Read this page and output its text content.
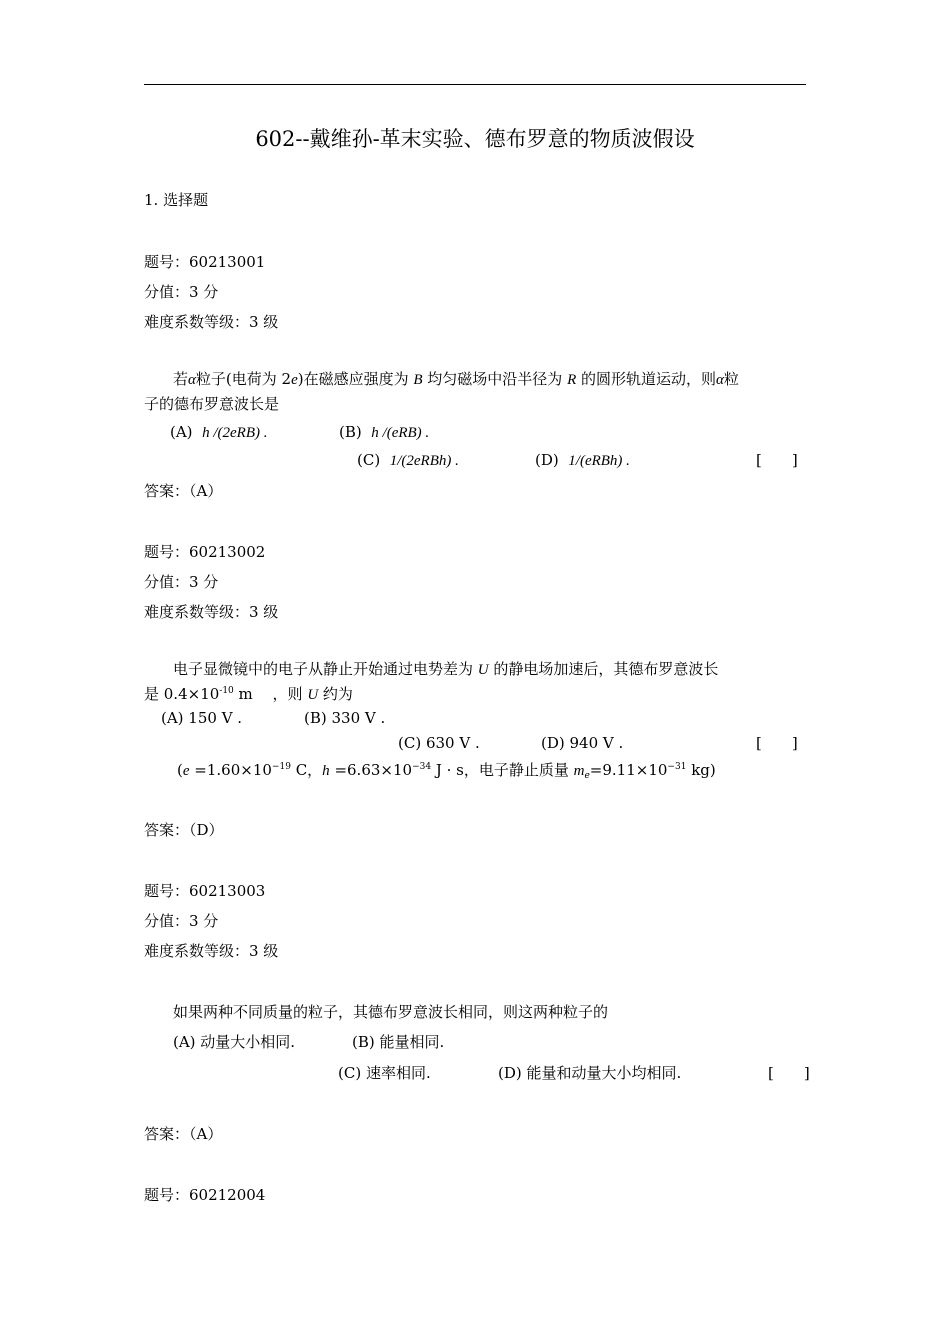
602--戴维孙-革末实验、德布罗意的物质波假设
1. 选择题
题号：60213001
分值：3 分
难度系数等级：3 级
若α粒子(电荷为 2e)在磁感应强度为 B 均匀磁场中沿半径为 R 的圆形轨道运动，则α粒
子的德布罗意波长是
(A) h /(2eRB) .	(B) h /(eRB) .
(C) 1/(2eRBh) .	(D) 1/(eRBh) .	[　　]
答案：（A）
题号：60213002
分值：3 分
难度系数等级：3 级
电子显微镜中的电子从静止开始通过电势差为 U 的静电场加速后，其德布罗意波长
是 $0.4\times 10^{-10}$ m　 ，则 U 约为
(A) 150 V .	(B) 330 V .
(C) 630 V .	(D) 940 V .	[　　]
($e =1.60\times 10^{-19}$ C，$h =6.63\times 10^{-34}$ J · s，电子静止质量 $m_e=9.11\times 10^{-31}$ kg)
答案：（D）
题号：60213003
分值：3 分
难度系数等级：3 级
如果两种不同质量的粒子，其德布罗意波长相同，则这两种粒子的
(A) 动量大小相同.	(B) 能量相同.
(C) 速率相同.	(D) 能量和动量大小均相同.	[　　]
答案：（A）
题号：60212004
